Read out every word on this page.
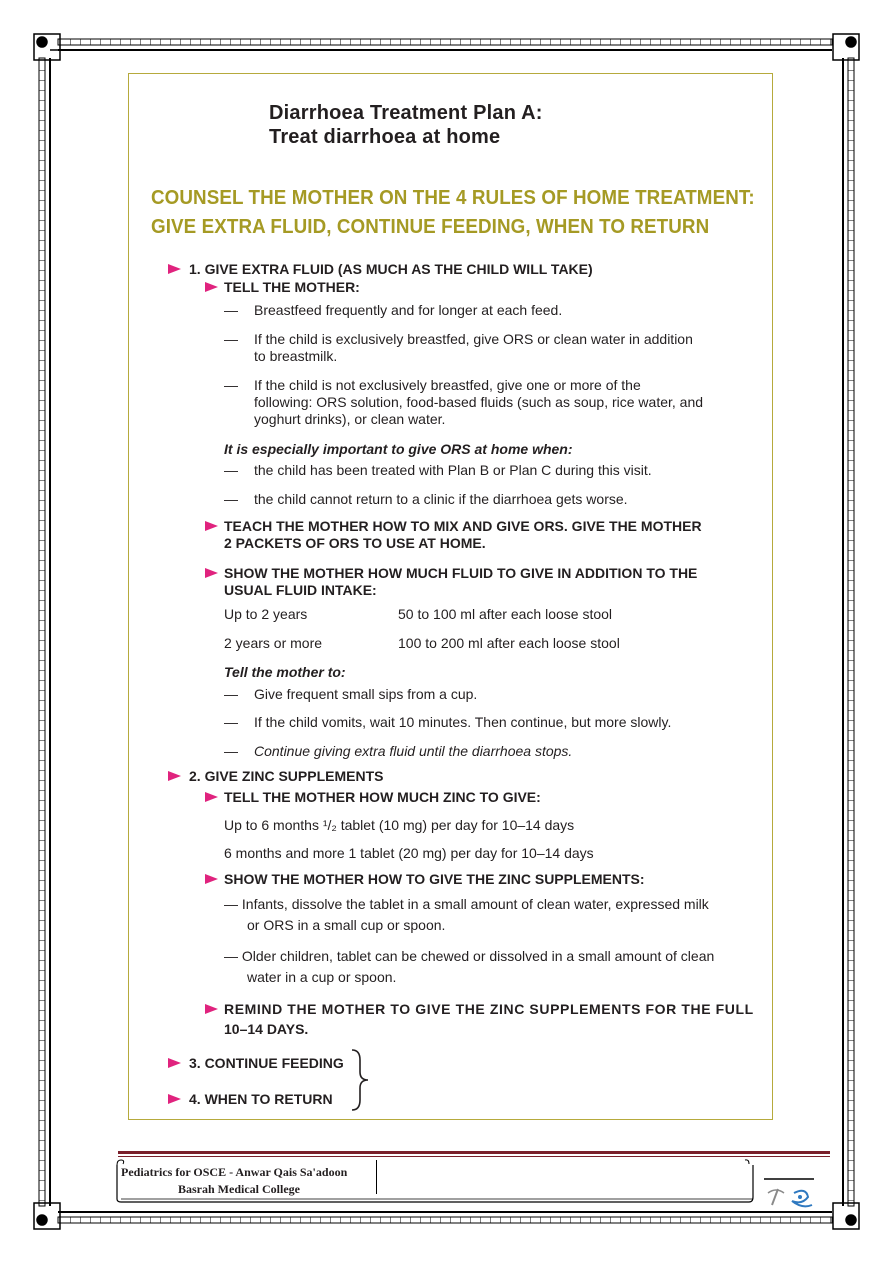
Diarrhoea Treatment Plan A:
Treat diarrhoea at home
COUNSEL THE MOTHER ON THE 4 RULES OF HOME TREATMENT:
GIVE EXTRA FLUID, CONTINUE FEEDING, WHEN TO RETURN
1. GIVE EXTRA FLUID (AS MUCH AS THE CHILD WILL TAKE)
TELL THE MOTHER:
— Breastfeed frequently and for longer at each feed.
— If the child is exclusively breastfed, give ORS or clean water in addition
to breastmilk.
— If the child is not exclusively breastfed, give one or more of the
following: ORS solution, food-based fluids (such as soup, rice water, and
yoghurt drinks), or clean water.
It is especially important to give ORS at home when:
— the child has been treated with Plan B or Plan C during this visit.
— the child cannot return to a clinic if the diarrhoea gets worse.
TEACH THE MOTHER HOW TO MIX AND GIVE ORS. GIVE THE MOTHER
2 PACKETS OF ORS TO USE AT HOME.
SHOW THE MOTHER HOW MUCH FLUID TO GIVE IN ADDITION TO THE
USUAL FLUID INTAKE:
Up to 2 years	50 to 100 ml after each loose stool
2 years or more	100 to 200 ml after each loose stool
Tell the mother to:
— Give frequent small sips from a cup.
— If the child vomits, wait 10 minutes. Then continue, but more slowly.
— Continue giving extra fluid until the diarrhoea stops.
2. GIVE ZINC SUPPLEMENTS
TELL THE MOTHER HOW MUCH ZINC TO GIVE:
Up to 6 months ¹/₂ tablet (10 mg) per day for 10–14 days
6 months and more 1 tablet (20 mg) per day for 10–14 days
SHOW THE MOTHER HOW TO GIVE THE ZINC SUPPLEMENTS:
— Infants, dissolve the tablet in a small amount of clean water, expressed milk
or ORS in a small cup or spoon.
— Older children, tablet can be chewed or dissolved in a small amount of clean
water in a cup or spoon.
REMIND THE MOTHER TO GIVE THE ZINC SUPPLEMENTS FOR THE FULL
10–14 DAYS.
3. CONTINUE FEEDING
4. WHEN TO RETURN
Pediatrics for OSCE - Anwar Qais Sa'adoon
Basrah Medical College
